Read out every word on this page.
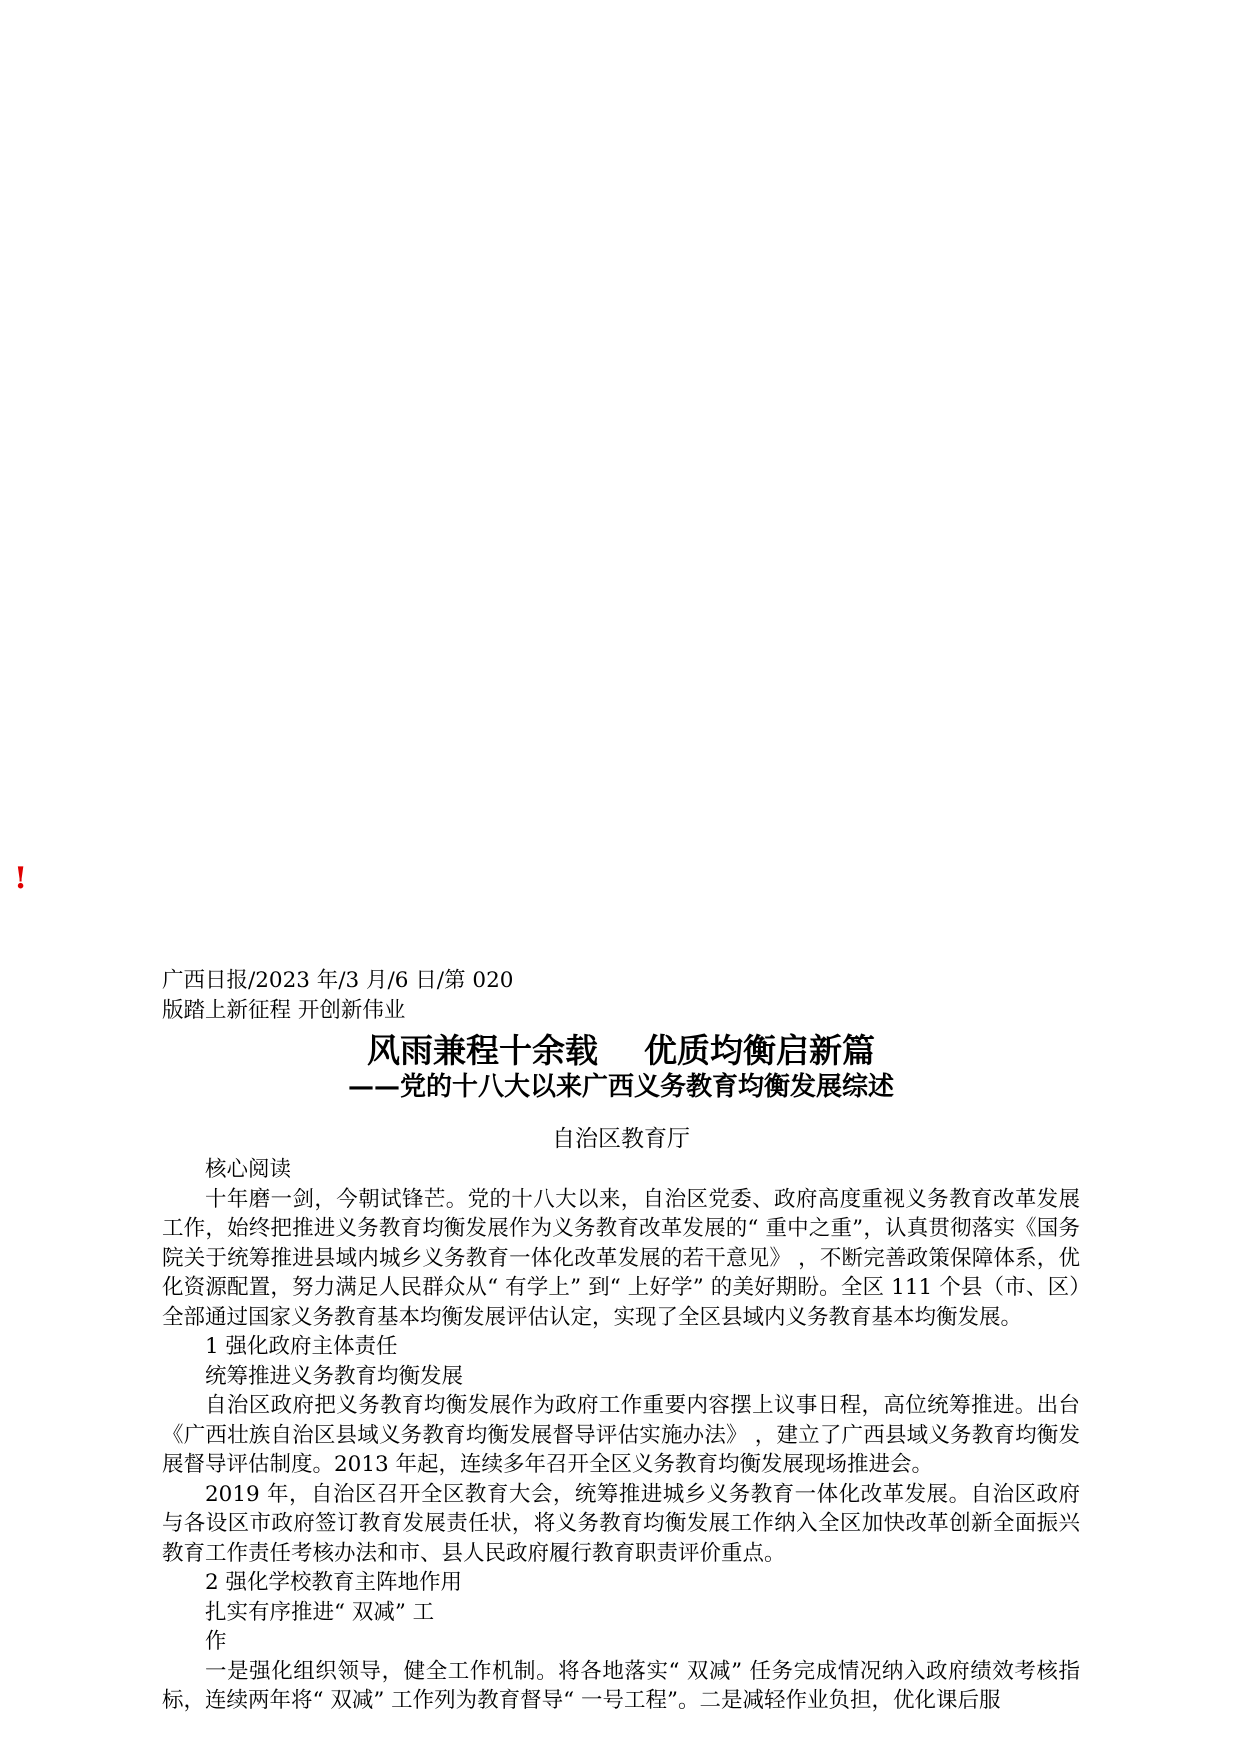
!

广西日报/2023 年/3 月/6 日/第 020

版踏上新征程 开创新伟业

风雨兼程十余载    优质均衡启新篇
——党的十八大以来广西义务教育均衡发展综述

自治区教育厅

核心阅读

十年磨一剑，今朝试锋芒。党的十八大以来，自治区党委、政府高度重视义务教育改革发展工作，始终把推进义务教育均衡发展作为义务教育改革发展的“ 重中之重”，认真贯彻落实《国务院关于统筹推进县域内城乡义务教育一体化改革发展的若干意见》 ，不断完善政策保障体系，优化资源配置，努力满足人民群众从“ 有学上” 到“ 上好学” 的美好期盼。全区 111 个县（市、区）全部通过国家义务教育基本均衡发展评估认定，实现了全区县域内义务教育基本均衡发展。

1 强化政府主体责任

统筹推进义务教育均衡发展

自治区政府把义务教育均衡发展作为政府工作重要内容摆上议事日程，高位统筹推进。出台《广西壮族自治区县域义务教育均衡发展督导评估实施办法》 ，建立了广西县域义务教育均衡发展督导评估制度。2013 年起，连续多年召开全区义务教育均衡发展现场推进会。

2019 年，自治区召开全区教育大会，统筹推进城乡义务教育一体化改革发展。自治区政府与各设区市政府签订教育发展责任状，将义务教育均衡发展工作纳入全区加快改革创新全面振兴教育工作责任考核办法和市、县人民政府履行教育职责评价重点。

2 强化学校教育主阵地作用

扎实有序推进“ 双减” 工作

一是强化组织领导，健全工作机制。将各地落实“ 双减” 任务完成情况纳入政府绩效考核指标，连续两年将“ 双减” 工作列为教育督导“ 一号工程”。二是减轻作业负担，优化课后服
